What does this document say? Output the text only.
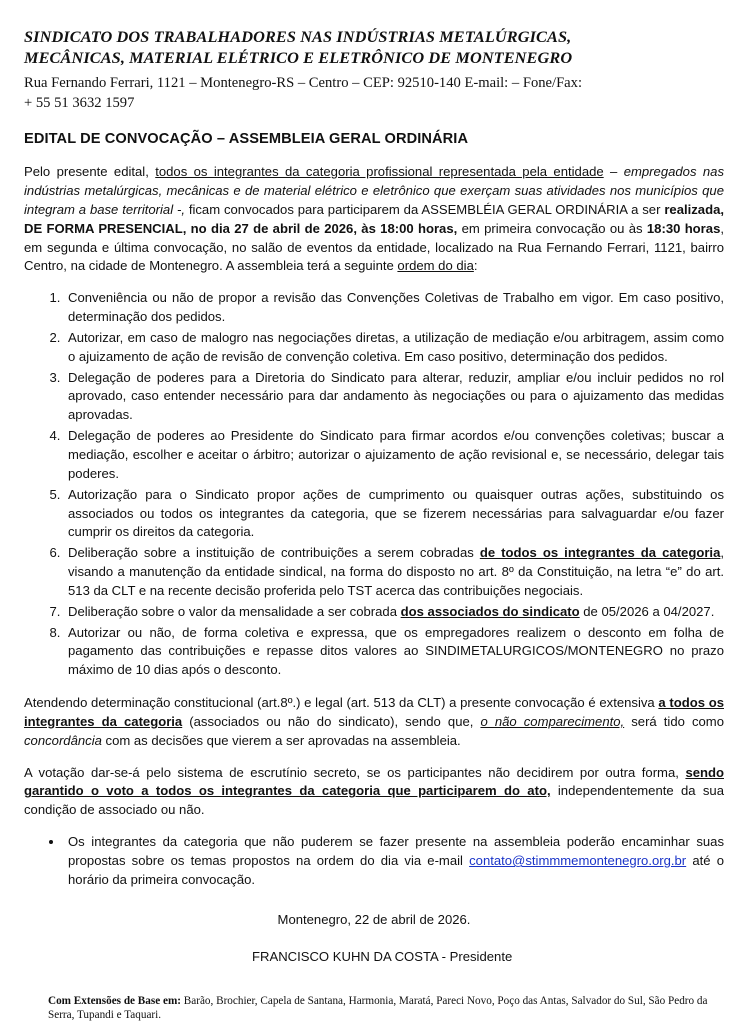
SINDICATO DOS TRABALHADORES NAS INDÚSTRIAS METALÚRGICAS,
MECÂNICAS, MATERIAL ELÉTRICO E ELETRÔNICO DE MONTENEGRO
Rua Fernando Ferrari, 1121 – Montenegro-RS – Centro – CEP: 92510-140 E-mail: – Fone/Fax:
+ 55 51 3632 1597
EDITAL DE CONVOCAÇÃO – ASSEMBLEIA GERAL ORDINÁRIA

Pelo presente edital, todos os integrantes da categoria profissional representada pela entidade – empregados nas indústrias metalúrgicas, mecânicas e de material elétrico e eletrônico que exerçam suas atividades nos municípios que integram a base territorial -, ficam convocados para participarem da ASSEMBLÉIA GERAL ORDINÁRIA a ser realizada, DE FORMA PRESENCIAL, no dia 27 de abril de 2026, às 18:00 horas, em primeira convocação ou às 18:30 horas, em segunda e última convocação, no salão de eventos da entidade, localizado na Rua Fernando Ferrari, 1121, bairro Centro, na cidade de Montenegro. A assembleia terá a seguinte ordem do dia:

1. Conveniência ou não de propor a revisão das Convenções Coletivas de Trabalho em vigor. Em caso positivo, determinação dos pedidos.
2. Autorizar, em caso de malogro nas negociações diretas, a utilização de mediação e/ou arbitragem, assim como o ajuizamento de ação de revisão de convenção coletiva. Em caso positivo, determinação dos pedidos.
3. Delegação de poderes para a Diretoria do Sindicato para alterar, reduzir, ampliar e/ou incluir pedidos no rol aprovado, caso entender necessário para dar andamento às negociações ou para o ajuizamento das medidas aprovadas.
4. Delegação de poderes ao Presidente do Sindicato para firmar acordos e/ou convenções coletivas; buscar a mediação, escolher e aceitar o árbitro; autorizar o ajuizamento de ação revisional e, se necessário, delegar tais poderes.
5. Autorização para o Sindicato propor ações de cumprimento ou quaisquer outras ações, substituindo os associados ou todos os integrantes da categoria, que se fizerem necessárias para salvaguardar e/ou fazer cumprir os direitos da categoria.
6. Deliberação sobre a instituição de contribuições a serem cobradas de todos os integrantes da categoria, visando a manutenção da entidade sindical, na forma do disposto no art. 8º da Constituição, na letra “e” do art. 513 da CLT e na recente decisão proferida pelo TST acerca das contribuições negociais.
7. Deliberação sobre o valor da mensalidade a ser cobrada dos associados do sindicato de 05/2026 a 04/2027.
8. Autorizar ou não, de forma coletiva e expressa, que os empregadores realizem o desconto em folha de pagamento das contribuições e repasse ditos valores ao SINDIMETALURGICOS/MONTENEGRO no prazo máximo de 10 dias após o desconto.

Atendendo determinação constitucional (art.8º.) e legal (art. 513 da CLT) a presente convocação é extensiva a todos os integrantes da categoria (associados ou não do sindicato), sendo que, o não comparecimento, será tido como concordância com as decisões que vierem a ser aprovadas na assembleia.

A votação dar-se-á pelo sistema de escrutínio secreto, se os participantes não decidirem por outra forma, sendo garantido o voto a todos os integrantes da categoria que participarem do ato, independentemente da sua condição de associado ou não.

• Os integrantes da categoria que não puderem se fazer presente na assembleia poderão encaminhar suas propostas sobre os temas propostos na ordem do dia via e-mail contato@stimmmemontenegro.org.br até o horário da primeira convocação.
Montenegro, 22 de abril de 2026.
FRANCISCO KUHN DA COSTA - Presidente
Com Extensões de Base em: Barão, Brochier, Capela de Santana, Harmonia, Maratá, Pareci Novo, Poço das Antas, Salvador do Sul, São Pedro da Serra, Tupandi e Taquari.
